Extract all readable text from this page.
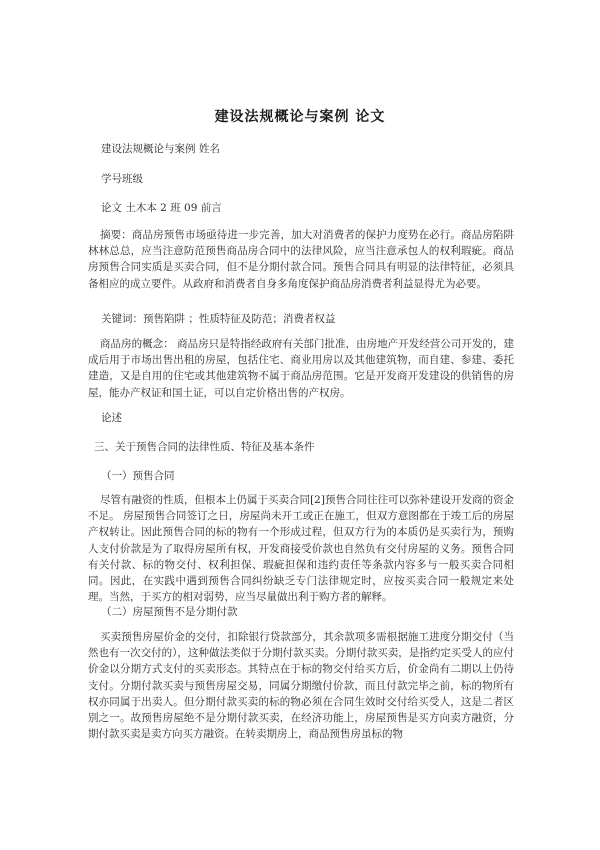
建设法规概论与案例 论文
建设法规概论与案例 姓名
学号班级
论文 土木本 2 班 09 前言
摘要：商品房预售市场亟待进一步完善，加大对消费者的保护力度势在必行。商品房陷阱林林总总，应当注意防范预售商品房合同中的法律风险，应当注意承包人的权利瑕疵。商品房预售合同实质是买卖合同，但不是分期付款合同。预售合同具有明显的法律特征，必须具备相应的成立要件。从政府和消费者自身多角度保护商品房消费者利益显得尤为必要。
关键词：预售陷阱 ；性质特征及防范；消费者权益
商品房的概念： 商品房只是特指经政府有关部门批准，由房地产开发经营公司开发的，建成后用于市场出售出租的房屋，包括住宅、商业用房以及其他建筑物，而自建、参建、委托建造，又是自用的住宅或其他建筑物不属于商品房范围。它是开发商开发建设的供销售的房屋，能办产权证和国土证，可以自定价格出售的产权房。
论述
三、关于预售合同的法律性质、特征及基本条件
（一）预售合同
尽管有融资的性质，但根本上仍属于买卖合同[2]预售合同往往可以弥补建设开发商的资金不足。 房屋预售合同签订之日，房屋尚未开工或正在施工，但双方意图都在于竣工后的房屋产权转让。因此预售合同的标的物有一个形成过程，但双方行为的本质仍是买卖行为，预购人支付价款是为了取得房屋所有权，开发商接受价款也自然负有交付房屋的义务。预售合同有关付款、标的物交付、权利担保、瑕疵担保和违约责任等条款内容多与一般买卖合同相同。因此，在实践中遇到预售合同纠纷缺乏专门法律规定时，应按买卖合同一般规定来处理。当然，于买方的相对弱势，应当尽量做出利于购方者的解释。
（二）房屋预售不是分期付款
买卖预售房屋价金的交付，扣除银行贷款部分，其余款项多需根据施工进度分期交付（当然也有一次交付的），这种做法类似于分期付款买卖。分期付款买卖，是指约定买受人的应付价金以分期方式支付的买卖形态。其特点在于标的物交付给买方后，价金尚有二期以上仍待支付。分期付款买卖与预售房屋交易，同属分期缴付价款，而且付款完毕之前，标的物所有权亦同属于出卖人。但分期付款买卖的标的物必须在合同生效时交付给买受人，这是二者区别之一。故预售房屋绝不是分期付款买卖，在经济功能上，房屋预售是买方向卖方融资，分期付款买卖是卖方向买方融资。在转卖期房上，商品预售房虽标的物
